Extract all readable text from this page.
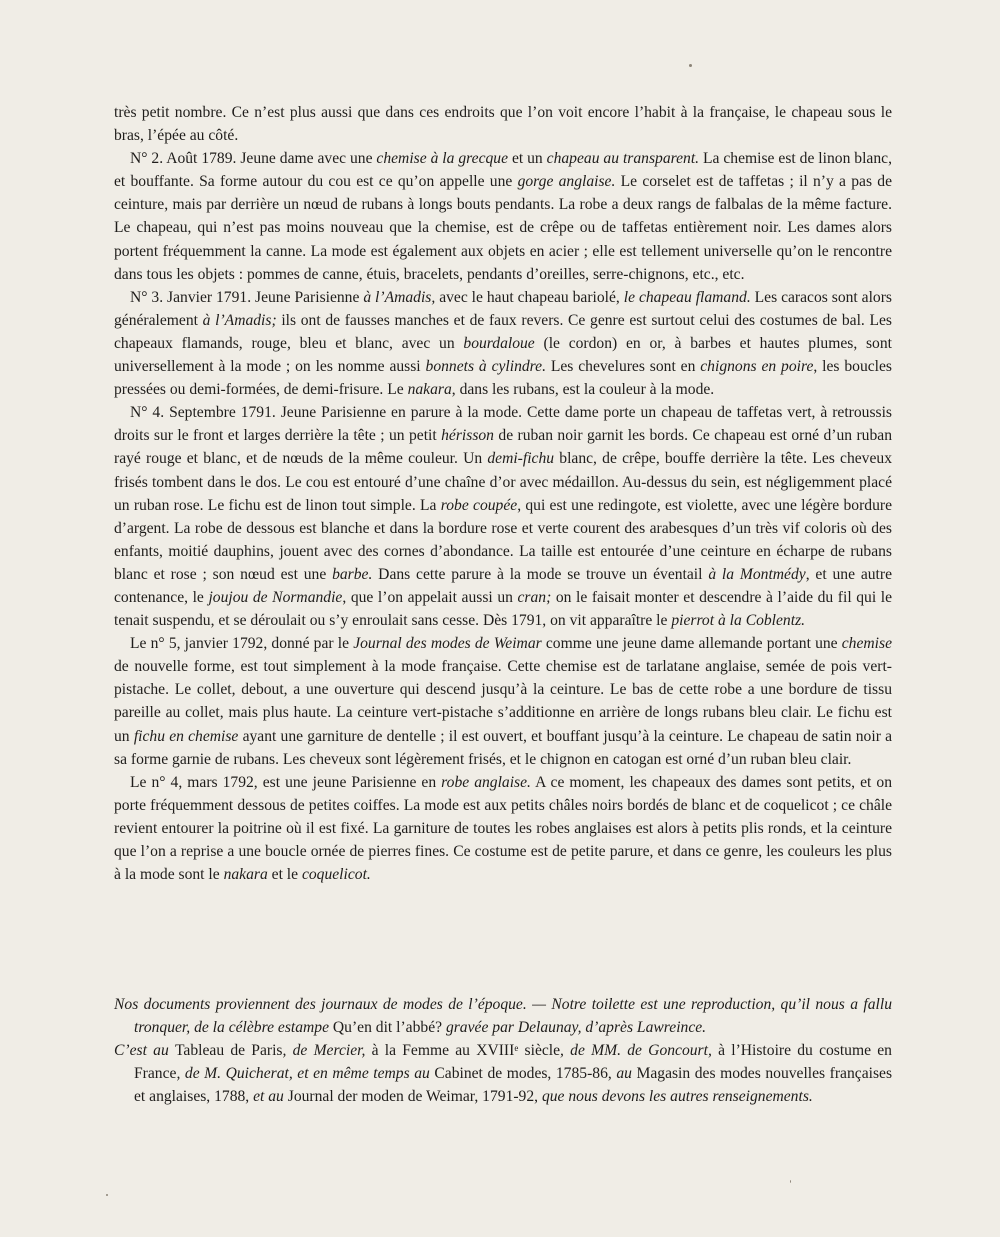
très petit nombre. Ce n’est plus aussi que dans ces endroits que l’on voit encore l’habit à la française, le chapeau sous le bras, l’épée au côté.

N° 2. Août 1789. Jeune dame avec une chemise à la grecque et un chapeau au transparent. La chemise est de linon blanc, et bouffante. Sa forme autour du cou est ce qu’on appelle une gorge anglaise. Le corselet est de taffetas ; il n’y a pas de ceinture, mais par derrière un nœud de rubans à longs bouts pendants. La robe a deux rangs de falbalas de la même facture. Le chapeau, qui n’est pas moins nouveau que la chemise, est de crêpe ou de taffetas entièrement noir. Les dames alors portent fréquemment la canne. La mode est également aux objets en acier ; elle est tellement universelle qu’on le rencontre dans tous les objets : pommes de canne, étuis, bracelets, pendants d’oreilles, serre-chignons, etc., etc.

N° 3. Janvier 1791. Jeune Parisienne à l’Amadis, avec le haut chapeau bariolé, le chapeau flamand. Les caracos sont alors généralement à l’Amadis; ils ont de fausses manches et de faux revers. Ce genre est surtout celui des costumes de bal. Les chapeaux flamands, rouge, bleu et blanc, avec un bourdaloue (le cordon) en or, à barbes et hautes plumes, sont universellement à la mode ; on les nomme aussi bonnets à cylindre. Les chevelures sont en chignons en poire, les boucles pressées ou demi-formées, de demi-frisure. Le nakara, dans les rubans, est la couleur à la mode.

N° 4. Septembre 1791. Jeune Parisienne en parure à la mode. Cette dame porte un chapeau de taffetas vert, à retroussis droits sur le front et larges derrière la tête ; un petit hérisson de ruban noir garnit les bords. Ce chapeau est orné d’un ruban rayé rouge et blanc, et de nœuds de la même couleur. Un demi-fichu blanc, de crêpe, bouffe derrière la tête. Les cheveux frisés tombent dans le dos. Le cou est entouré d’une chaîne d’or avec médaillon. Au-dessus du sein, est négligemment placé un ruban rose. Le fichu est de linon tout simple. La robe coupée, qui est une redingote, est violette, avec une légère bordure d’argent. La robe de dessous est blanche et dans la bordure rose et verte courent des arabesques d’un très vif coloris où des enfants, moitié dauphins, jouent avec des cornes d’abondance. La taille est entourée d’une ceinture en écharpe de rubans blanc et rose ; son nœud est une barbe. Dans cette parure à la mode se trouve un éventail à la Montmédy, et une autre contenance, le joujou de Normandie, que l’on appelait aussi un cran; on le faisait monter et descendre à l’aide du fil qui le tenait suspendu, et se déroulait ou s’y enroulait sans cesse. Dès 1791, on vit apparaître le pierrot à la Coblentz.

Le n° 5, janvier 1792, donné par le Journal des modes de Weimar comme une jeune dame allemande portant une chemise de nouvelle forme, est tout simplement à la mode française. Cette chemise est de tarlatane anglaise, semée de pois vert-pistache. Le collet, debout, a une ouverture qui descend jusqu’à la ceinture. Le bas de cette robe a une bordure de tissu pareille au collet, mais plus haute. La ceinture vert-pistache s’additionne en arrière de longs rubans bleu clair. Le fichu est un fichu en chemise ayant une garniture de dentelle ; il est ouvert, et bouffant jusqu’à la ceinture. Le chapeau de satin noir a sa forme garnie de rubans. Les cheveux sont légèrement frisés, et le chignon en catogan est orné d’un ruban bleu clair.

Le n° 4, mars 1792, est une jeune Parisienne en robe anglaise. A ce moment, les chapeaux des dames sont petits, et on porte fréquemment dessous de petites coiffes. La mode est aux petits châles noirs bordés de blanc et de coquelicot ; ce châle revient entourer la poitrine où il est fixé. La garniture de toutes les robes anglaises est alors à petits plis ronds, et la ceinture que l’on a reprise a une boucle ornée de pierres fines. Ce costume est de petite parure, et dans ce genre, les couleurs les plus à la mode sont le nakara et le coquelicot.

Nos documents proviennent des journaux de modes de l’époque. — Notre toilette est une reproduction, qu’il nous a fallu tronquer, de la célèbre estampe Qu’en dit l’abbé? gravée par Delaunay, d’après Lawreince.

C’est au Tableau de Paris, de Mercier, à la Femme au XVIIIe siècle, de MM. de Goncourt, à l’Histoire du costume en France, de M. Quicherat, et en même temps au Cabinet de modes, 1785-86, au Magasin des modes nouvelles françaises et anglaises, 1788, et au Journal der moden de Weimar, 1791-92, que nous devons les autres renseignements.
